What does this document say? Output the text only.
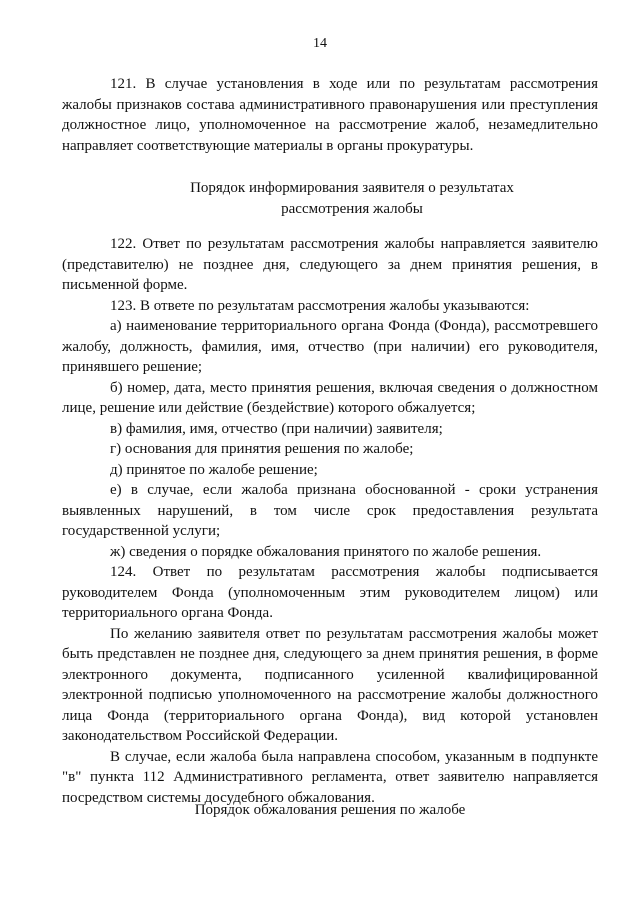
14

121. В случае установления в ходе или по результатам рассмотрения жалобы признаков состава административного правонарушения или преступления должностное лицо, уполномоченное на рассмотрение жалоб, незамедлительно направляет соответствующие материалы в органы прокуратуры.

Порядок информирования заявителя о результатах
рассмотрения жалобы

122. Ответ по результатам рассмотрения жалобы направляется заявителю (представителю) не позднее дня, следующего за днем принятия решения, в письменной форме.

123. В ответе по результатам рассмотрения жалобы указываются:

а) наименование территориального органа Фонда (Фонда), рассмотревшего жалобу, должность, фамилия, имя, отчество (при наличии) его руководителя, принявшего решение;

б) номер, дата, место принятия решения, включая сведения о должностном лице, решение или действие (бездействие) которого обжалуется;

в) фамилия, имя, отчество (при наличии) заявителя;

г) основания для принятия решения по жалобе;

д) принятое по жалобе решение;

е) в случае, если жалоба признана обоснованной - сроки устранения выявленных нарушений, в том числе срок предоставления результата государственной услуги;

ж) сведения о порядке обжалования принятого по жалобе решения.

124. Ответ по результатам рассмотрения жалобы подписывается руководителем Фонда (уполномоченным этим руководителем лицом) или территориального органа Фонда.

По желанию заявителя ответ по результатам рассмотрения жалобы может быть представлен не позднее дня, следующего за днем принятия решения, в форме электронного документа, подписанного усиленной квалифицированной электронной подписью уполномоченного на рассмотрение жалобы должностного лица Фонда (территориального органа Фонда), вид которой установлен законодательством Российской Федерации.

В случае, если жалоба была направлена способом, указанным в подпункте "в" пункта 112 Административного регламента, ответ заявителю направляется посредством системы досудебного обжалования.

Порядок обжалования решения по жалобе
